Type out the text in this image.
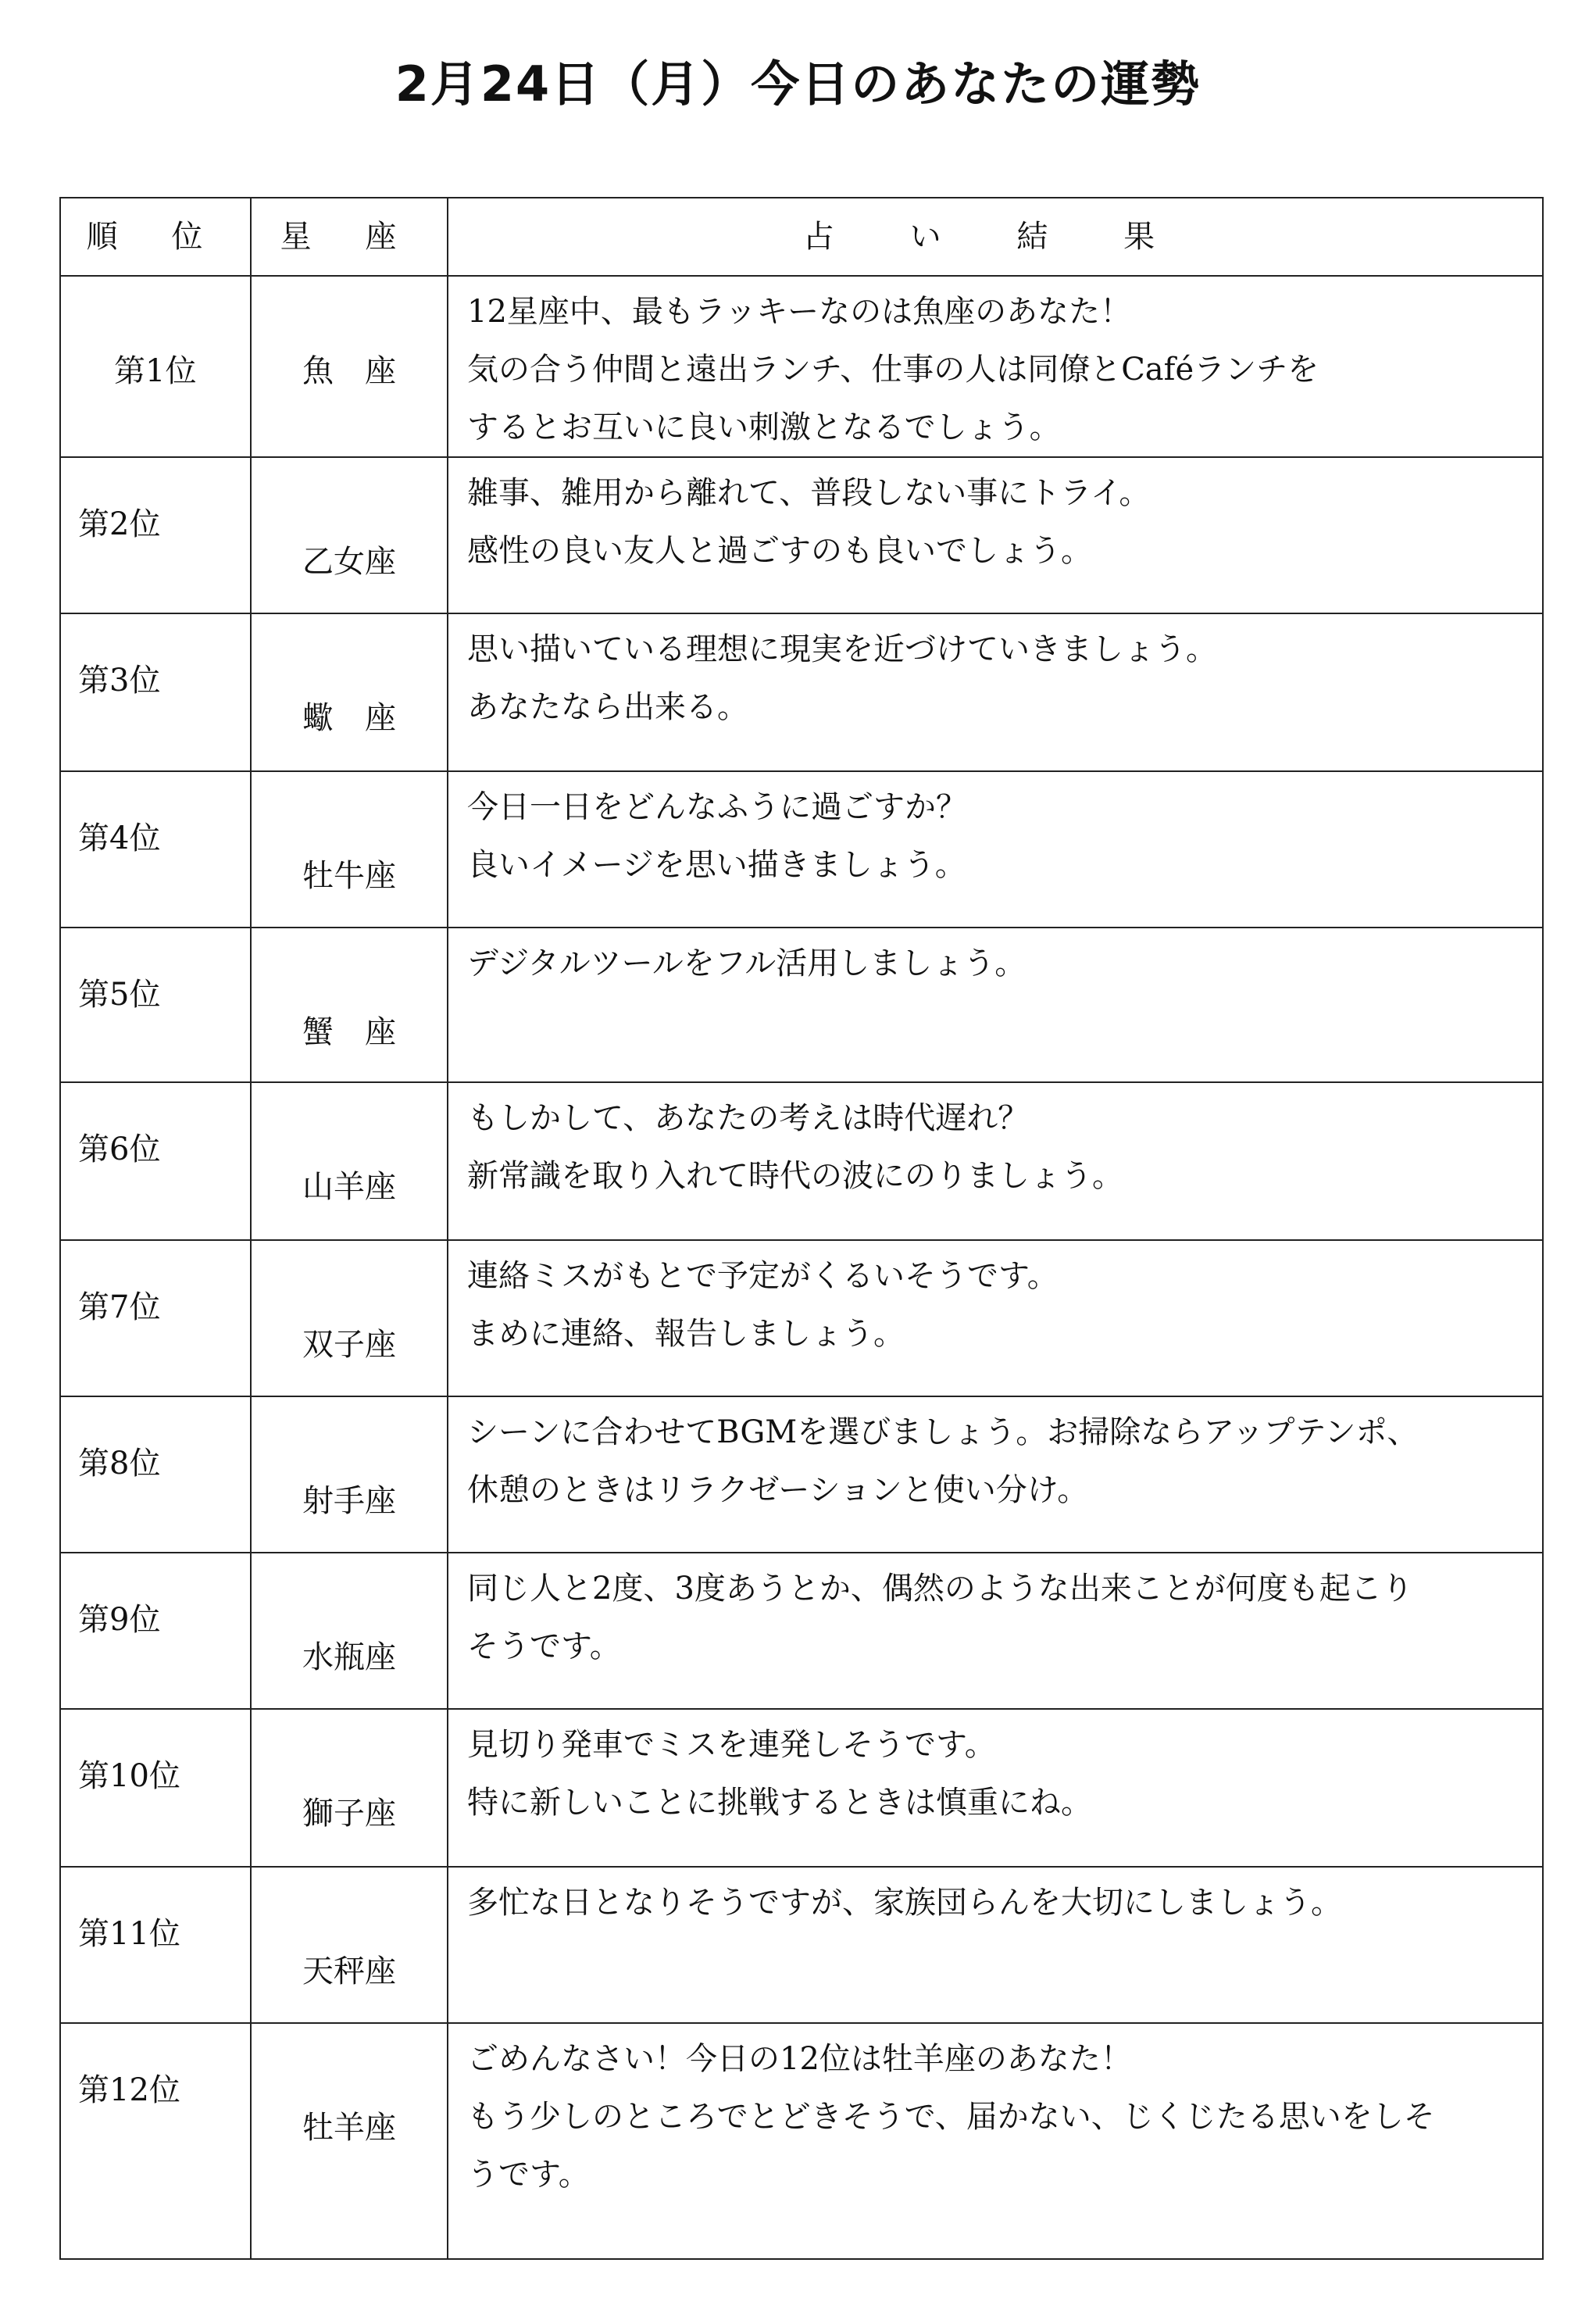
2月24日（月）今日のあなたの運勢
順 位	星 座	占 い 結 果
第1位	魚　座	12星座中、最もラッキーなのは魚座のあなた！
気の合う仲間と遠出ランチ、仕事の人は同僚とCaféランチを
するとお互いに良い刺激となるでしょう。

第2位	乙女座	雑事、雑用から離れて、普段しない事にトライ。
感性の良い友人と過ごすのも良いでしょう。

第3位	蠍　座	思い描いている理想に現実を近づけていきましょう。
あなたなら出来る。

第4位	牡牛座	今日一日をどんなふうに過ごすか？
良いイメージを思い描きましょう。

第5位	蟹　座	デジタルツールをフル活用しましょう。

第6位	山羊座	もしかして、あなたの考えは時代遅れ？
新常識を取り入れて時代の波にのりましょう。

第7位	双子座	連絡ミスがもとで予定がくるいそうです。
まめに連絡、報告しましょう。

第8位	射手座	シーンに合わせてBGMを選びましょう。お掃除ならアップテンポ、
休憩のときはリラクゼーションと使い分け。

第9位	水瓶座	同じ人と2度、3度あうとか、偶然のような出来ことが何度も起こり
そうです。

第10位	獅子座	見切り発車でミスを連発しそうです。
特に新しいことに挑戦するときは慎重にね。

第11位	天秤座	多忙な日となりそうですが、家族団らんを大切にしましょう。

第12位	牡羊座	ごめんなさい！今日の12位は牡羊座のあなた！
もう少しのところでとどきそうで、届かない、じくじたる思いをしそ
うです。
